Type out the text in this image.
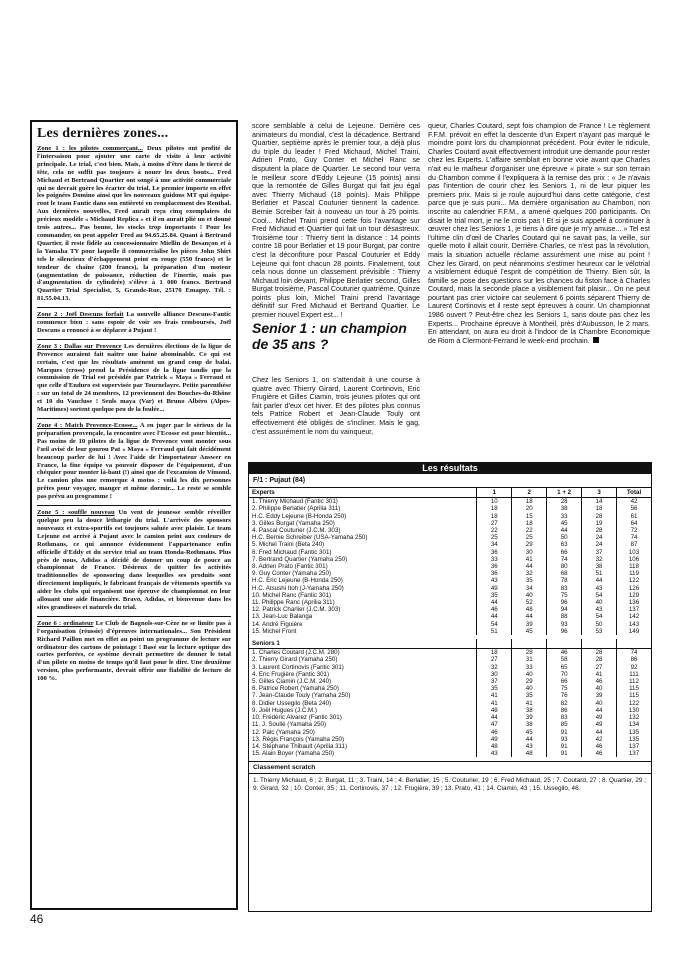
Les dernières zones...

Zone 1 : les pilotes commerçant... Deux pilotes ont profité de l'intersaison pour ajouter une carte de visite à leur activité principale. Le trial, c'est bien. Mais, à moins d'être dans le tiercé de tête, cela ne suffit pas toujours à nouer les deux bouts... Fred Michaud et Bertrand Quartier ont songé à une activité commerciale qui ne devrait guère les écarter du trial. Le premier importe en effet les poignées Domino ainsi que les nouveaux guidons MT qui équipe-ront le team Fantic dans son entièreté en remplacement des Renthal. Aux dernières nouvelles, Fred aurait reçu cinq exemplaires du précieux modèle « Michaud Replica » et il en aurait plié un et donné trois autres... Pas bonne, les stocks trop importants ! Pour les commander, on peut appeler Fred au 94.65.25.84. Quant à Bertrand Quartier, il reste fidèle au concessionnaire Miellin de Besançon et à la Yamaha TY pour laquelle il commercialise les pièces John Shirt tels le silencieux d'échappement peint en rouge (550 francs) et le tendeur de chaîne (200 francs), la préparation d'un moteur (augmentation de puissance, réduction de l'inertie, mais pas d'augmentation de cylindrée) s'élève à 1 000 francs. Bertrand Quartier Trial Specialist, 5, Grande-Rue, 25170 Emagny. Tél. : 81.55.04.13.

Zone 2 : Joël Descuns forfait La nouvelle alliance Descuns-Fantic commence bien : sans espoir de voir ses frais remboursés, Joël Descuns a renoncé à se déplacer à Pujaut !

Zone 3 : Dallas sur Provence Les dernières élections de la ligue de Provence auraient fait naître une haine abominable. Ce qui est certain, c'est que les résultats amènent un grand coup de balai. Marques (cross) prend la Présidence de la ligue tandis que la commission de Trial est présidée par Patrick « Maya » Ferraud et que celle d'Enduro est supervisée par Tournelayre. Petite parenthèse : sur un total de 24 membres, 12 proviennent des Bouches-du-Rhône et 10 du Vaucluse ! Seuls maya (Var) et Bruno Albéro (Alpes-Maritimes) sortent quelque peu de la foulée...

Zone 4 : Match Provence-Ecosse... A en juger par le sérieux de la préparation provençale, la rencontre avec l'Ecosse est pour bientôt... Pas moins de 10 pilotes de la ligue de Provence vont monter sous l'œil avisé de leur gourou Pat « Maya » Ferraud qui fait décidément beaucoup parler de lui ! Avec l'aide de l'importateur Answer en France, la fine équipe va pouvoir disposer de l'équipement, d'un chéquier pour monter là-haut (!) ainsi que de l'excamion de Vimond. Le camion plus une remorque 4 motos : voilà les dix personnes prêtes pour voyager, manger et même dormir... Le reste se semble pas prévu au programme !

Zone 5 : souffle nouveau Un vent de jeunesse semble réveiller quelque peu la douce léthargie du trial. L'arrivée des sponsors nouveaux et extra-sportifs est toujours saluée avec plaisir. Le team Lejeune est arrivé à Pujaut avec le camion peint aux couleurs de Rothmans, ce qui annonce évidemment l'appartenance enfin officielle d'Eddy et du service trial au team Honda-Rothmans. Plus près de nous, Adidas a décidé de donner un coup de pouce au championnat de France. Désireux de quitter les activités traditionnelles de sponsoring dans lesquelles ses produits sont directement impliqués, le fabricant français de vêtements sportifs va aider les clubs qui organisent une épreuve de championnat en leur allouant une aide financière. Bravo, Adidas, et bienvenue dans les sites grandioses et naturels du trial.

Zone 6 : ordinateur Le Club de Bagnols-sur-Cèze ne se limite pas à l'organisation (réussie) d'épreuves internationales... Son Président Richard Paillon met en effet au point un programme de lecture sur ordinateur des cartons de pointage ! Basé sur la lecture optique des cartes perforées, ce système devrait permettre de donner le total d'un pilote en moins de temps qu'il faut pour le dire. Une deuxième version, plus performante, devrait offrir une fiabilité de lecture de 100 %.

score semblable à celui de Lejeune. Derrière ces animateurs du mondial, c'est la décadence. Bertrand Quartier, septième après le premier tour, a déjà plus du triple du leader ! Fred Michaud, Michel Traini, Adrien Prato, Guy Conter et Michel Ranc se disputent la place de Quartier. Le second tour verra le meilleur score d'Eddy Lejeune (15 points) ainsi que la remontée de Gilles Burgat qui fait jeu égal avec Thierry Michaud (18 points). Mais Philippe Berlatier et Pascal Couturier tiennent la cadence. Bernie Screiber fait à nouveau un tour à 25 points. Cool... Michel Traini prend cette fois l'avantage sur Fred Michaud et Quartier qui fait un tour désastreux. Troisième tour : Thierry tient la distance : 14 points contre 18 pour Berlatier et 19 pour Burgat, par contre c'est la déconfiture pour Pascal Couturier et Eddy Lejeune qui font chacun 28 points. Finalement, tout cela nous donne un classement prévisible : Thierry Michaud loin devant, Philippe Berlatier second, Gilles Burgat troisième, Pascal Couturier quatrième. Quinze points plus loin, Michel Traini prend l'avantage définitif sur Fred Michaud et Bertrand Quartier. Le premier nouvel Expert est... !
Senior 1 : un champion de 35 ans ?
Chez les Seniors 1, on s'attendait à une course à quatre avec Thierry Girard, Laurent Cortinovis, Eric Frugière et Gilles Ciamin, trois jeunes pilotes qui ont fait parler d'eux cet hiver. Et des pilotes plus connus tels Patrice Robert et Jean-Claude Touly ont effectivement été obligés de s'incliner. Mais le gag, c'est assurément le nom du vainqueur,
queur, Charles Coutard, sept fois champion de France ! Le règlement F.F.M. prévoit en effet la descente d'un Expert n'ayant pas marqué le moindre point lors du championnat précédent. Pour éviter le ridicule, Charles Coutard avait effectivement introduit une demande pour rester chez les Experts. L'affaire semblait en bonne voie avant que Charles n'ait eu le malheur d'organiser une épreuve « pirate » sur son terrain du Chambon comme il l'expliquera à la remise des prix : « Je n'avais pas l'intention de courir chez les Seniors 1, ni de leur piquer les premiers prix. Mais si je roule aujourd'hui dans cette catégorie, c'est parce que je suis puni... Ma dernière organisation au Chambon, non inscrite au calendrier F.F.M., a amené quelques 200 participants. On disait le trial mort, je ne le crois pas ! Et si je suis appelé à continuer à œuvrer chez les Seniors 1, je tiens à dire que je m'y amuse... » Tel est l'ultime clin d'œil de Charles Coutard qui ne savait pas, la veille, sur quelle moto il allait courir. Derrière Charles, ce n'est pas la révolution, mais la situation actuelle réclame assurément une mise au point ! Chez les Girard, on peut néanmoins s'estimer heureux car le vélotrial a visiblement éduqué l'esprit de compétition de Thierry. Bien sûr, la famille se pose des questions sur les chances du fiston face à Charles Coutard, mais la seconde place a visiblement fait plaisir... On ne peut pourtant pas crier victoire car seulement 6 points séparent Thierry de Laurent Cortinovis et il reste sept épreuves à courir. Un championnat 1986 ouvert ? Peut-être chez les Seniors 1, sans doute pas chez les Experts... Prochaine épreuve à Montheil, près d'Aubusson, le 2 mars. En attendant, on aura eu droit à l'indoor de la Chambre Economique de Riom à Clermont-Ferrand le week-end prochain.
Les résultats
F/1 : Pujaut (84)
Experts	1	2	1 + 2	3	Total
1. Thierry Michaud (Fantic 301)	10	18	28	14	42
2. Philippe Berlatier (Aprilia 311)	18	20	38	18	56
H.C. Eddy Lejeune (B-Honda 250)	18	15	33	28	61
3. Gilles Burgat (Yamaha 250)	27	18	45	19	64
4. Pascal Couturier (J.C.M. 303)	22	22	44	28	72
H.C. Bernie Schreiber (USA-Yamaha 250)	25	25	50	24	74
5. Michel Traini (Beta 240)	34	29	63	24	87
6. Fred Michaud (Fantic 301)	36	30	66	37	103
7. Bertrand Quartier (Yamaha 250)	33	41	74	32	106
8. Adrien Prato (Fantic 301)	36	44	80	38	118
9. Guy Conter (Yamaha 250)	36	32	68	51	119
H.C. Eric Lejeune (B-Honda 250)	43	35	78	44	122
H.C. Atsushi Itoh (J-Yamaha 250)	49	34	83	43	126
10. Michel Ranc (Fantic 301)	35	40	75	54	129
11. Philippe Ranc (Aprilia 311)	44	52	96	40	136
12. Patrick Charlier (J.C.M. 303)	46	48	94	43	137
13. Jean-Luc Balanga	44	44	88	54	142
14. André Figuière	54	39	93	50	143
15. Michel Front	51	45	96	53	149

Seniors 1					
1. Charles Coutard (J.C.M. 280)	18	28	46	28	74
2. Thierry Girard (Yamaha 250)	27	31	58	28	86
3. Laurent Cortinovis (Fantic 301)	32	33	65	27	92
4. Eric Frugière (Fantic 301)	30	40	70	41	111
5. Gilles Ciamin (J.C.M. 240)	37	29	66	46	112
6. Patrice Robert (Yamaha 250)	35	40	75	40	115
7. Jean-Claude Touly (Yamaha 250)	41	35	76	39	115
8. Didier Ussegilo (Beta 240)	41	41	82	40	122
9. Joël Hugues (J.C.M.)	48	38	86	44	130
10. Frédéric Alvarez (Fantic 301)	44	39	83	49	132
11. J. Soullé (Yamaha 250)	47	38	85	49	134
12. Palc (Yamaha 250)	46	45	91	44	135
13. Régis François (Yamaha 250)	49	44	93	42	135
14. Stéphane Thibault (Aprilia 311)	48	43	91	46	137
15. Alain Boyer (Yamaha 250)	43	48	91	46	137
Classement scratch
1. Thierry Michaud, 6 ; 2. Burgat, 11 ; 3. Traini, 14 ; 4. Berlatier, 15 ; 5. Couturier, 19 ; 6. Fred Michaud, 25 ; 7. Coutard, 27 ; 8. Quartier, 29 ; 9. Girard, 32 ; 10. Conter, 35 ; 11. Cortinovis, 37 ; 12. Frugière, 39 ; 13. Prato, 41 ; 14. Ciamin, 43 ; 15. Ussegilo, 46.
46
